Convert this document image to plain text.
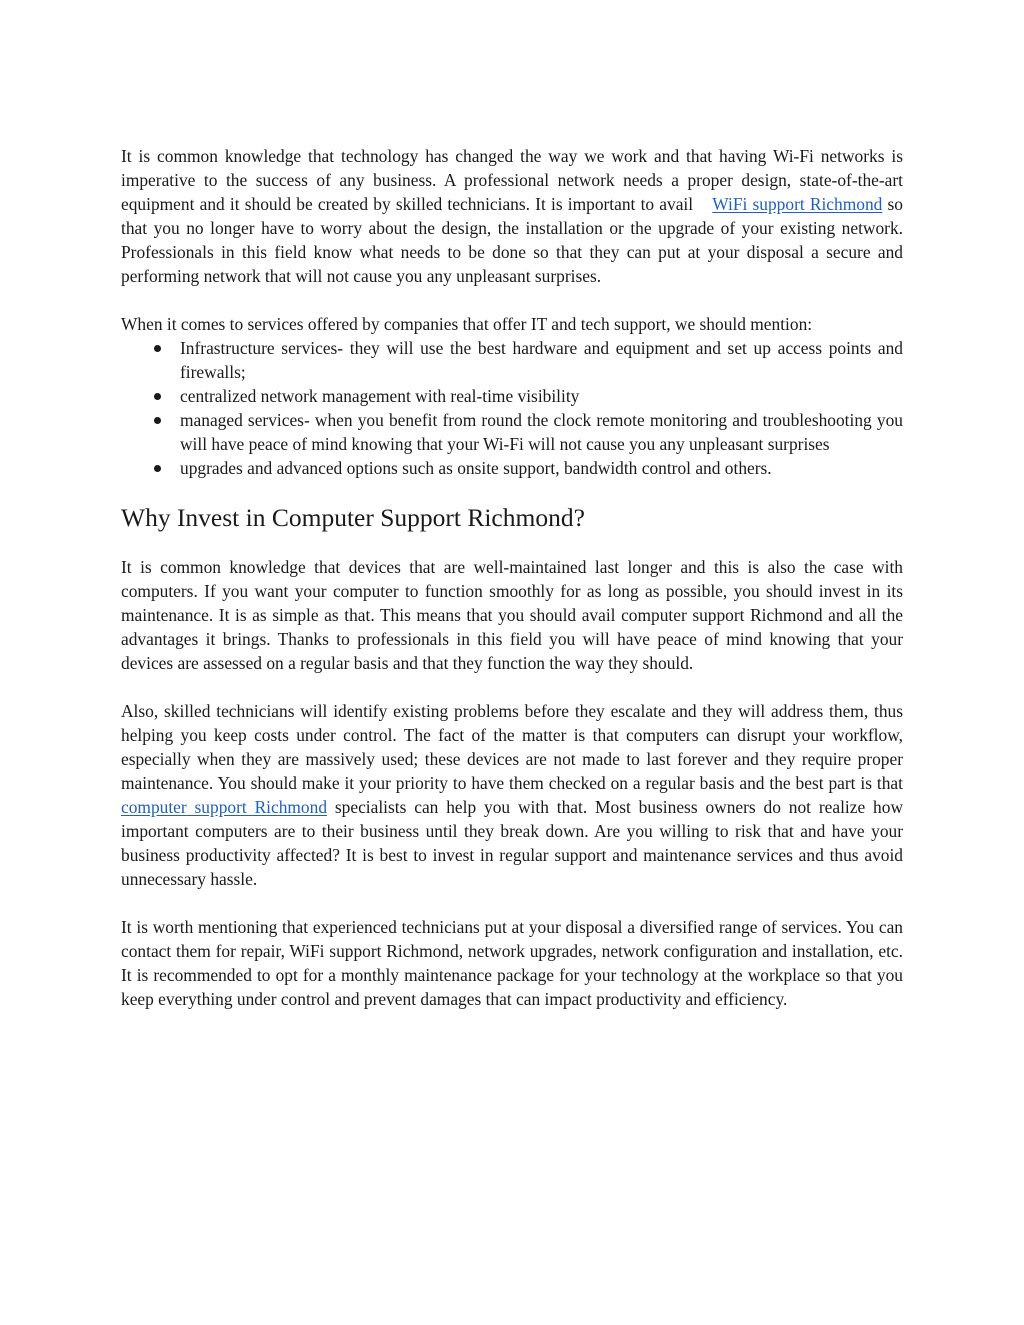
It is common knowledge that technology has changed the way we work and that having Wi-Fi networks is imperative to the success of any business. A professional network needs a proper design, state-of-the-art equipment and it should be created by skilled technicians. It is important to avail WiFi support Richmond so that you no longer have to worry about the design, the installation or the upgrade of your existing network. Professionals in this field know what needs to be done so that they can put at your disposal a secure and performing network that will not cause you any unpleasant surprises.

When it comes to services offered by companies that offer IT and tech support, we should mention:

Infrastructure services- they will use the best hardware and equipment and set up access points and firewalls;
centralized network management with real-time visibility
managed services- when you benefit from round the clock remote monitoring and troubleshooting you will have peace of mind knowing that your Wi-Fi will not cause you any unpleasant surprises
upgrades and advanced options such as onsite support, bandwidth control and others.
Why Invest in Computer Support Richmond?

It is common knowledge that devices that are well-maintained last longer and this is also the case with computers. If you want your computer to function smoothly for as long as possible, you should invest in its maintenance. It is as simple as that. This means that you should avail computer support Richmond and all the advantages it brings. Thanks to professionals in this field you will have peace of mind knowing that your devices are assessed on a regular basis and that they function the way they should.

Also, skilled technicians will identify existing problems before they escalate and they will address them, thus helping you keep costs under control. The fact of the matter is that computers can disrupt your workflow, especially when they are massively used; these devices are not made to last forever and they require proper maintenance. You should make it your priority to have them checked on a regular basis and the best part is that computer support Richmond specialists can help you with that. Most business owners do not realize how important computers are to their business until they break down. Are you willing to risk that and have your business productivity affected? It is best to invest in regular support and maintenance services and thus avoid unnecessary hassle.

It is worth mentioning that experienced technicians put at your disposal a diversified range of services. You can contact them for repair, WiFi support Richmond, network upgrades, network configuration and installation, etc. It is recommended to opt for a monthly maintenance package for your technology at the workplace so that you keep everything under control and prevent damages that can impact productivity and efficiency.
